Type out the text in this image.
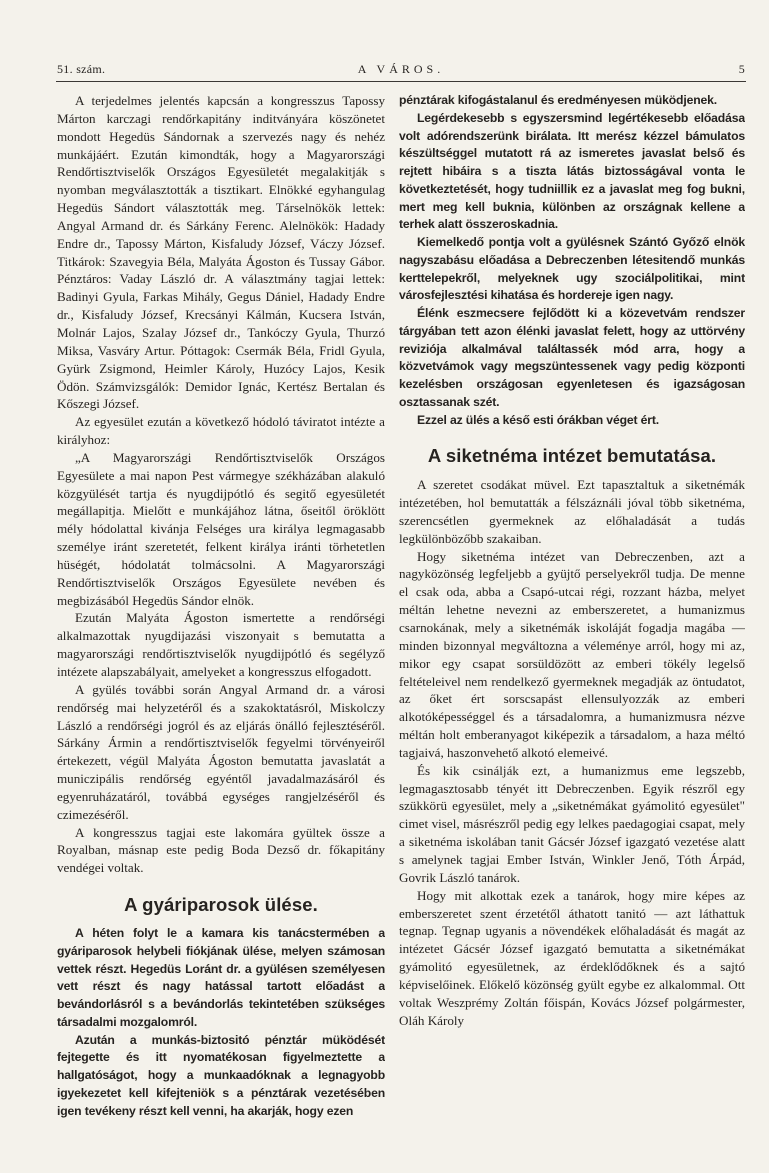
51. szám.	A VÁROS.	5

A terjedelmes jelentés kapcsán a kongresszus Tapossy Márton karczagi rendőrkapitány inditványára köszönetet mondott Hegedüs Sándornak a szervezés nagy és nehéz munkájáért. Ezután kimondták, hogy a Magyarországi Rendőrtisztviselők Országos Egyesületét megalakitják s nyomban megválasztották a tisztikart. Elnökké egyhangulag Hegedüs Sándort választották meg. Társelnökök lettek: Angyal Armand dr. és Sárkány Ferenc. Alelnökök: Hadady Endre dr., Tapossy Márton, Kisfaludy József, Váczy József. Titkárok: Szavegyia Béla, Malyáta Ágoston és Tussay Gábor. Pénztáros: Vaday László dr. A választmány tagjai lettek: Badinyi Gyula, Farkas Mihály, Gegus Dániel, Hadady Endre dr., Kisfaludy József, Krecsányi Kálmán, Kucsera István, Molnár Lajos, Szalay József dr., Tankóczy Gyula, Thurzó Miksa, Vasváry Artur. Póttagok: Csermák Béla, Fridl Gyula, Gyürk Zsigmond, Heimler Károly, Huzócy Lajos, Kesik Ödön. Számvizsgálók: Demidor Ignác, Kertész Bertalan és Kőszegi József.

Az egyesület ezután a következő hódoló táviratot intézte a királyhoz:

„A Magyarországi Rendőrtisztviselők Országos Egyesülete a mai napon Pest vármegye székházában alakuló közgyülését tartja és nyugdijpótló és segitő egyesületét megállapitja. Mielőtt e munkájához látna, őseitől öröklött mély hódolattal kivánja Felséges ura királya legmagasabb személye iránt szeretetét, felkent királya iránti törhetetlen hüségét, hódolatát tolmácsolni. A Magyarországi Rendőrtisztviselők Országos Egyesülete nevében és megbizásából Hegedüs Sándor elnök.

Ezután Malyáta Ágoston ismertette a rendőrségi alkalmazottak nyugdijazási viszonyait s bemutatta a magyarországi rendőrtisztviselők nyugdijpótló és segélyző intézete alapszabályait, amelyeket a kongresszus elfogadott.

A gyülés további során Angyal Armand dr. a városi rendőrség mai helyzetéről és a szakoktatásról, Miskolczy László a rendőrségi jogról és az eljárás önálló fejlesztéséről. Sárkány Ármin a rendőrtisztviselők fegyelmi törvényeiről értekezett, végül Malyáta Ágoston bemutatta javaslatát a municzipális rendőrség egyéntől javadalmazásáról és egyenruházatáról, továbbá egységes rangjelzéséről és czimezéséről.

A kongresszus tagjai este lakomára gyültek össze a Royalban, másnap este pedig Boda Dezső dr. főkapitány vendégei voltak.

A gyáriparosok ülése.

A héten folyt le a kamara kis tanácstermében a gyáriparosok helybeli fiókjának ülése, melyen számosan vettek részt. Hegedüs Loránt dr. a gyülésen személyesen vett részt és nagy hatással tartott előadást a bevándorlásról s a bevándorlás tekintetében szükséges társadalmi mozgalomról.

Azután a munkás-biztositó pénztár müködését fejtegette és itt nyomatékosan figyelmeztette a hallgatóságot, hogy a munkaadóknak a legnagyobb igyekezetet kell kifejteniök s a pénztárak vezetésében igen tevékeny részt kell venni, ha akarják, hogy ezen

pénztárak kifogástalanul és eredményesen müködjenek.

Legérdekesebb s egyszersmind legértékesebb előadása volt adórendszerünk birálata. Itt merész kézzel bámulatos készültséggel mutatott rá az ismeretes javaslat belső és rejtett hibáira s a tiszta látás biztosságával vonta le következtetését, hogy tudniillik ez a javaslat meg fog bukni, mert meg kell buknia, különben az országnak kellene a terhek alatt összeroskadnia.

Kiemelkedő pontja volt a gyülésnek Szántó Győző elnök nagyszabásu előadása a Debreczenben létesitendő munkás kerttelepekről, melyeknek ugy szociálpolitikai, mint városfejlesztési kihatása és horderejе igen nagy.

Élénk eszmecsere fejlődött ki a közevetvám rendszer tárgyában tett azon élénki javaslat felett, hogy az uttörvény reviziója alkalmával találtassék mód arra, hogy a közvetvámok vagy megszüntessenek vagy pedig központi kezelésben országosan egyenletesen és igazságosan osztassanak szét.

Ezzel az ülés a késő esti órákban véget ért.

A siketnéma intézet bemutatása.

A szeretet csodákat müvel. Ezt tapasztaltuk a siketnémák intézetében, hol bemutatták a félszáználi jóval több siketnéma, szerencsétlen gyermeknek az előhaladását a tudás legkülönbözőbb szakaiban.

Hogy siketnéma intézet van Debreczenben, azt a nagyközönség legfeljebb a gyüjtő perselyekről tudja. De menne el csak oda, abba a Csapó-utcai régi, rozzant házba, melyet méltán lehetne nevezni az emberszeretet, a humanizmus csarnokának, mely a siketnémák iskoláját fogadja magába — minden bizonnyal megváltozna a véleménye arról, hogy mi az, mikor egy csapat sorsüldözött az emberi tökély legelső feltételeivel nem rendelkező gyermeknek megadják az öntudatot, az őket ért sorscsapást ellensulyozzák az emberi alkotóképességgel és a társadalomra, a humanizmusra nézve méltán holt emberanyagot kiképezik a társadalom, a haza méltó tagjaivá, haszonvehető alkotó elemeivé.

És kik csinálják ezt, a humanizmus eme legszebb, legmagasztosabb tényét itt Debreczenben. Egyik részről egy szükkörü egyesület, mely a „siketnémákat gyámolitó egyesület" cimet visel, másrészről pedig egy lelkes paedagogiai csapat, mely a siketnéma iskolában tanit Gácsér József igazgató vezetése alatt s amelynek tagjai Ember István, Winkler Jenő, Tóth Árpád, Govrik László tanárok.

Hogy mit alkottak ezek a tanárok, hogy mire képes az emberszeretet szent érzetétől áthatott tanitó — azt láthattuk tegnap. Tegnap ugyanis a növendékek előhaladását és magát az intézetet Gácsér József igazgató bemutatta a siketnémákat gyámolitó egyesületnek, az érdeklődőknek és a sajtó képviselőinek. Előkelő közönség gyült egybe ez alkalommal. Ott voltak Weszprémy Zoltán főispán, Kovács József polgármester, Oláh Károly
